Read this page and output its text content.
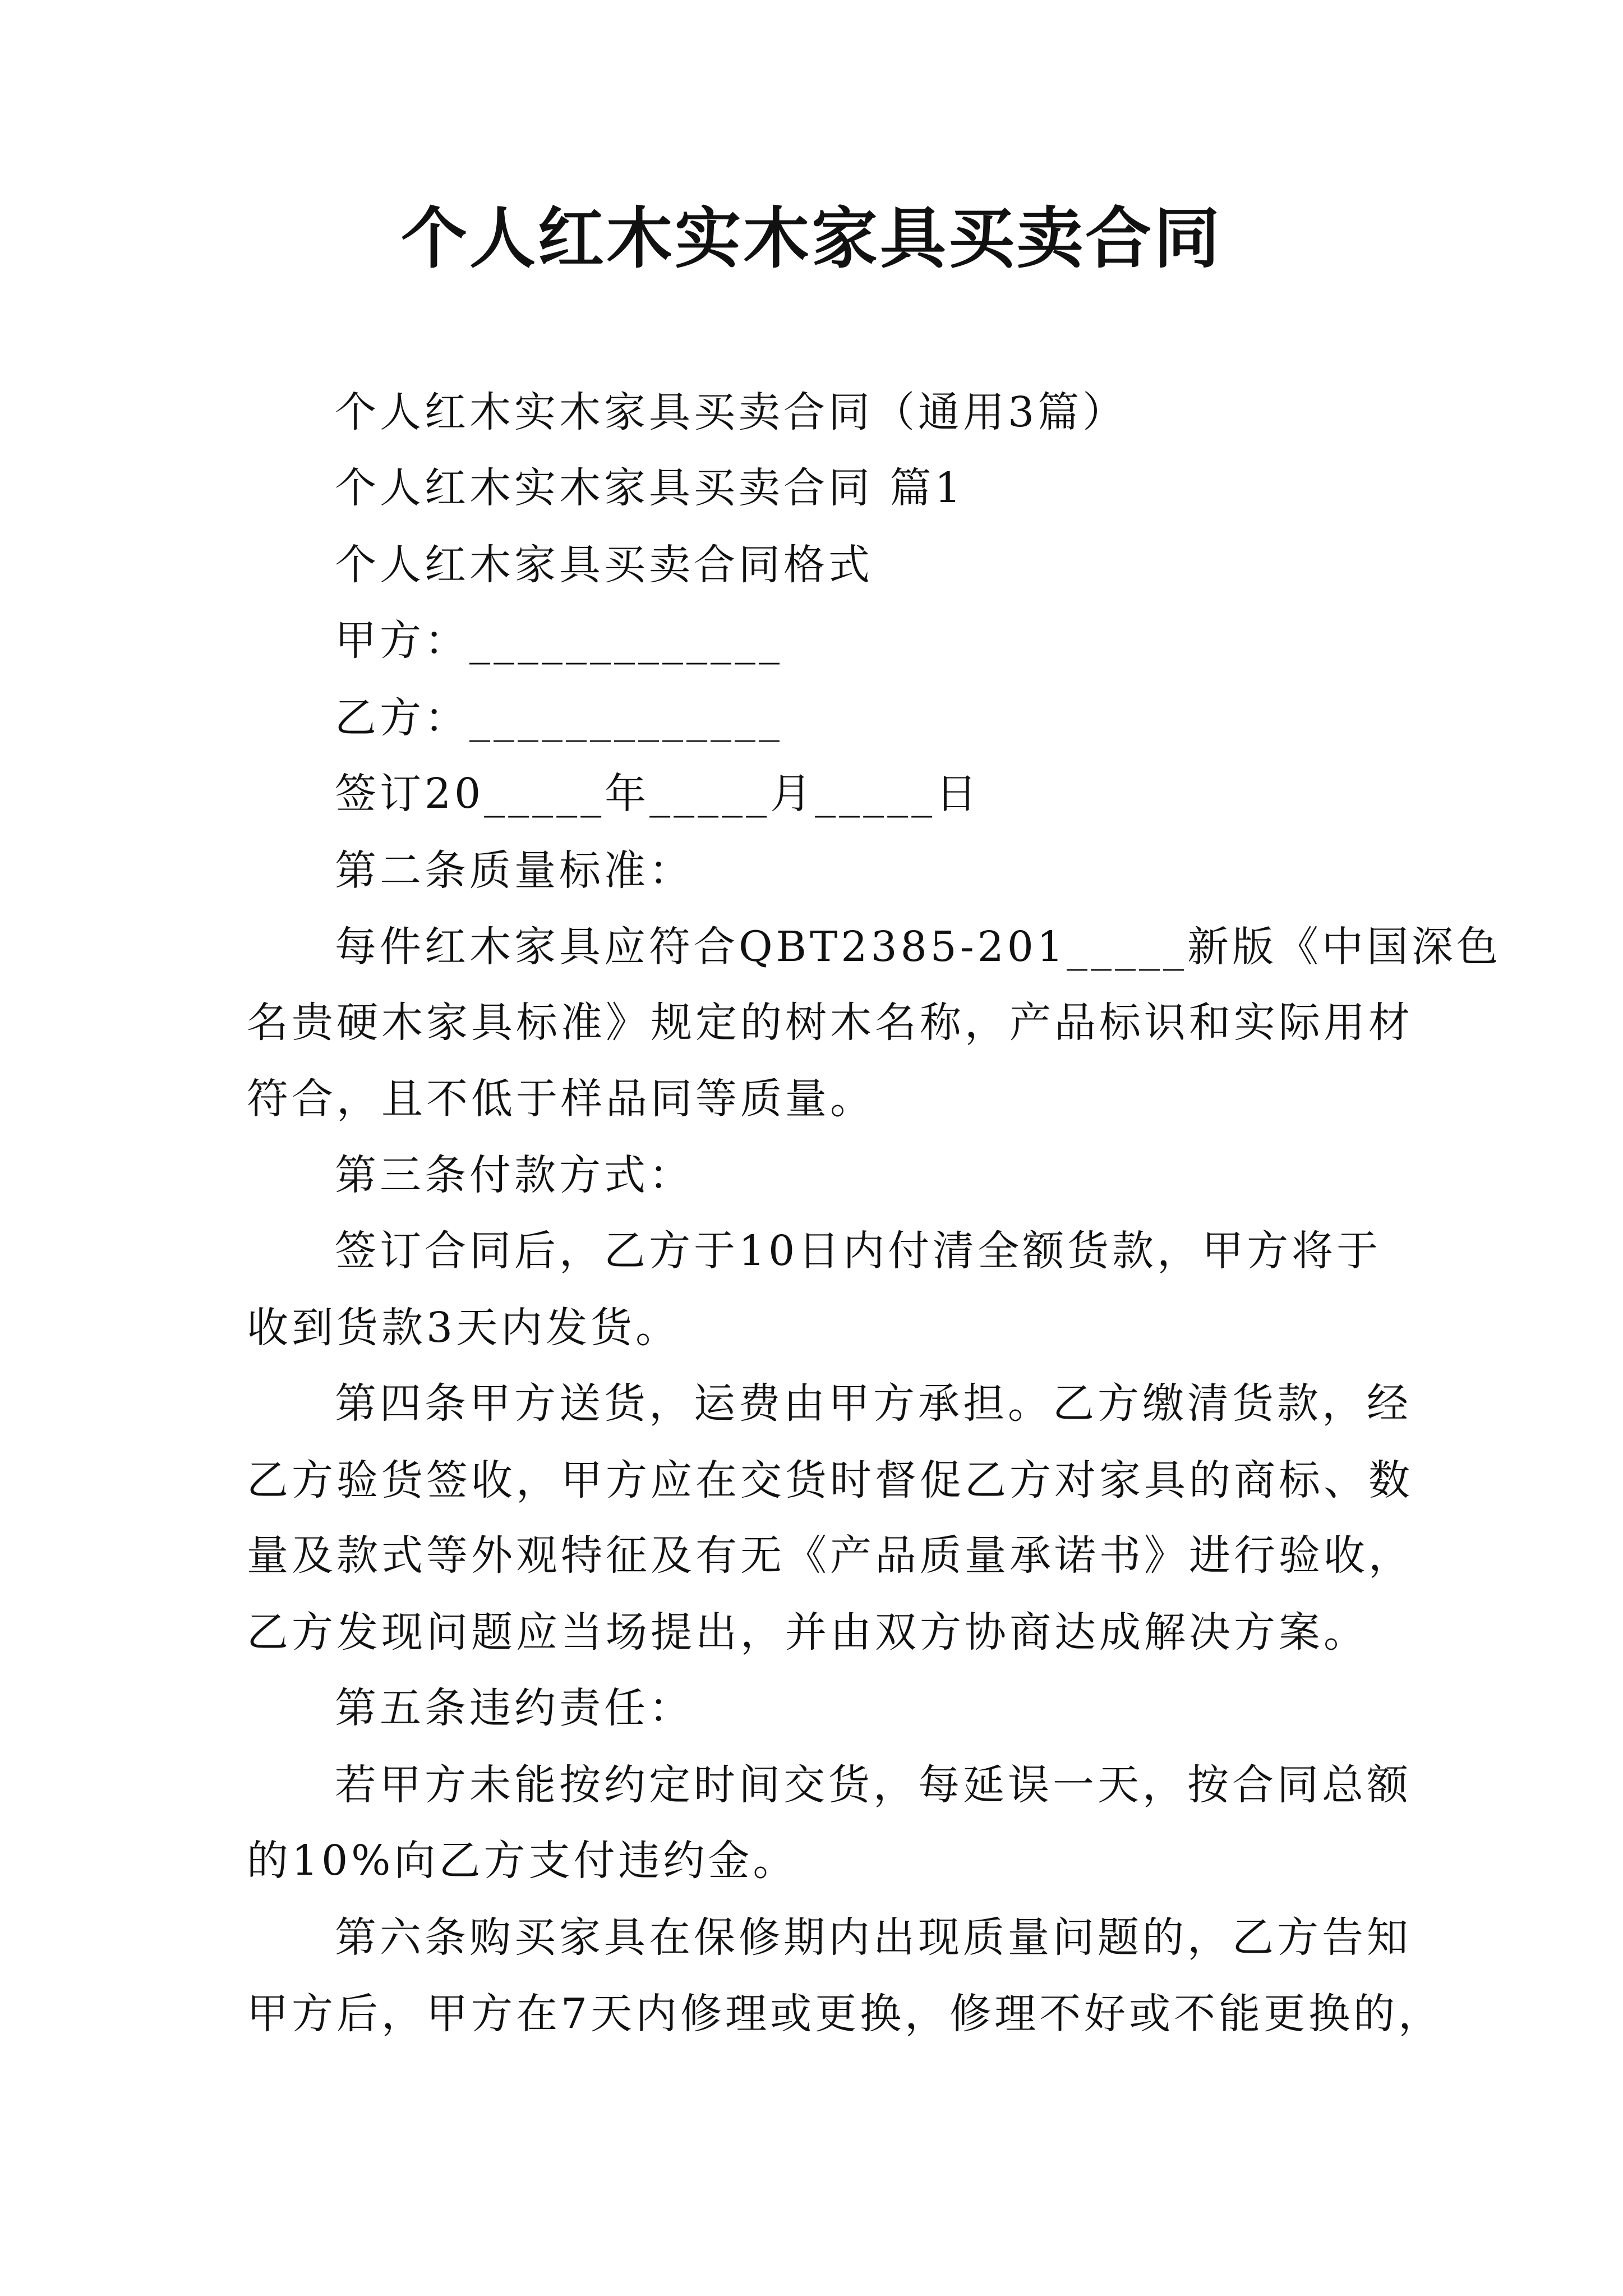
个人红木实木家具买卖合同
个人红木实木家具买卖合同（通用3篇）
个人红木实木家具买卖合同 篇1
个人红木家具买卖合同格式
甲方：_____________
乙方：_____________
签订20_____年_____月_____日
第二条质量标准：
每件红木家具应符合QBT2385-201_____新版《中国深色
名贵硬木家具标准》规定的树木名称，产品标识和实际用材
符合，且不低于样品同等质量。
第三条付款方式：
签订合同后，乙方于10日内付清全额货款，甲方将于
收到货款3天内发货。
第四条甲方送货，运费由甲方承担。乙方缴清货款，经
乙方验货签收，甲方应在交货时督促乙方对家具的商标、数
量及款式等外观特征及有无《产品质量承诺书》进行验收，
乙方发现问题应当场提出，并由双方协商达成解决方案。
第五条违约责任：
若甲方未能按约定时间交货，每延误一天，按合同总额
的10%向乙方支付违约金。
第六条购买家具在保修期内出现质量问题的，乙方告知
甲方后，甲方在7天内修理或更换，修理不好或不能更换的，
